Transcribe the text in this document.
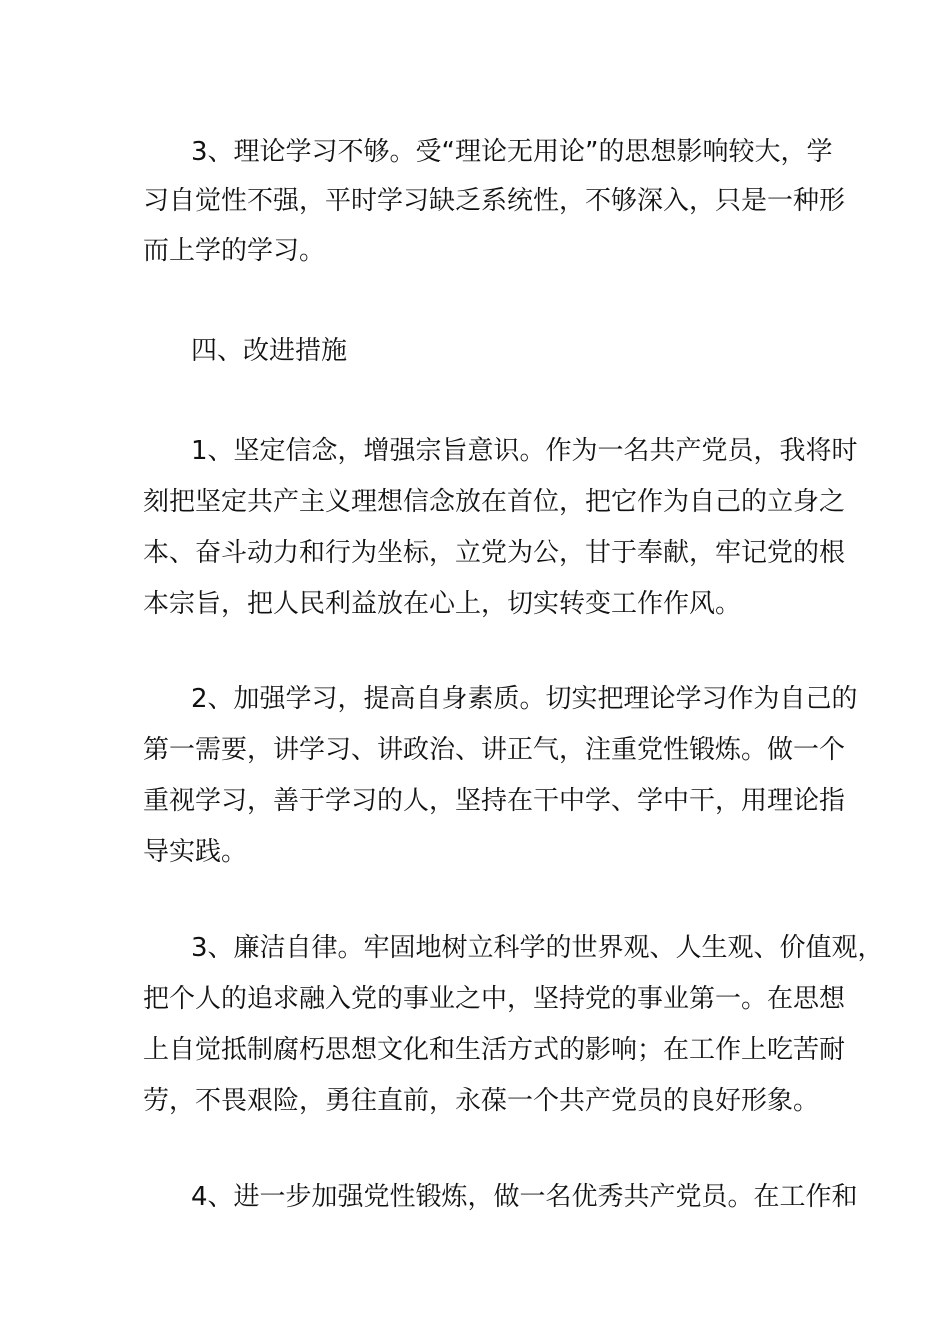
3、理论学习不够。受“理论无用论”的思想影响较大，学
习自觉性不强，平时学习缺乏系统性，不够深入，只是一种形
而上学的学习。
四、改进措施
1、坚定信念，增强宗旨意识。作为一名共产党员，我将时
刻把坚定共产主义理想信念放在首位，把它作为自己的立身之
本、奋斗动力和行为坐标，立党为公，甘于奉献，牢记党的根
本宗旨，把人民利益放在心上，切实转变工作作风。
2、加强学习，提高自身素质。切实把理论学习作为自己的
第一需要，讲学习、讲政治、讲正气，注重党性锻炼。做一个
重视学习，善于学习的人，坚持在干中学、学中干，用理论指
导实践。
3、廉洁自律。牢固地树立科学的世界观、人生观、价值观，
把个人的追求融入党的事业之中，坚持党的事业第一。在思想
上自觉抵制腐朽思想文化和生活方式的影响；在工作上吃苦耐
劳，不畏艰险，勇往直前，永葆一个共产党员的良好形象。
4、进一步加强党性锻炼，做一名优秀共产党员。在工作和
